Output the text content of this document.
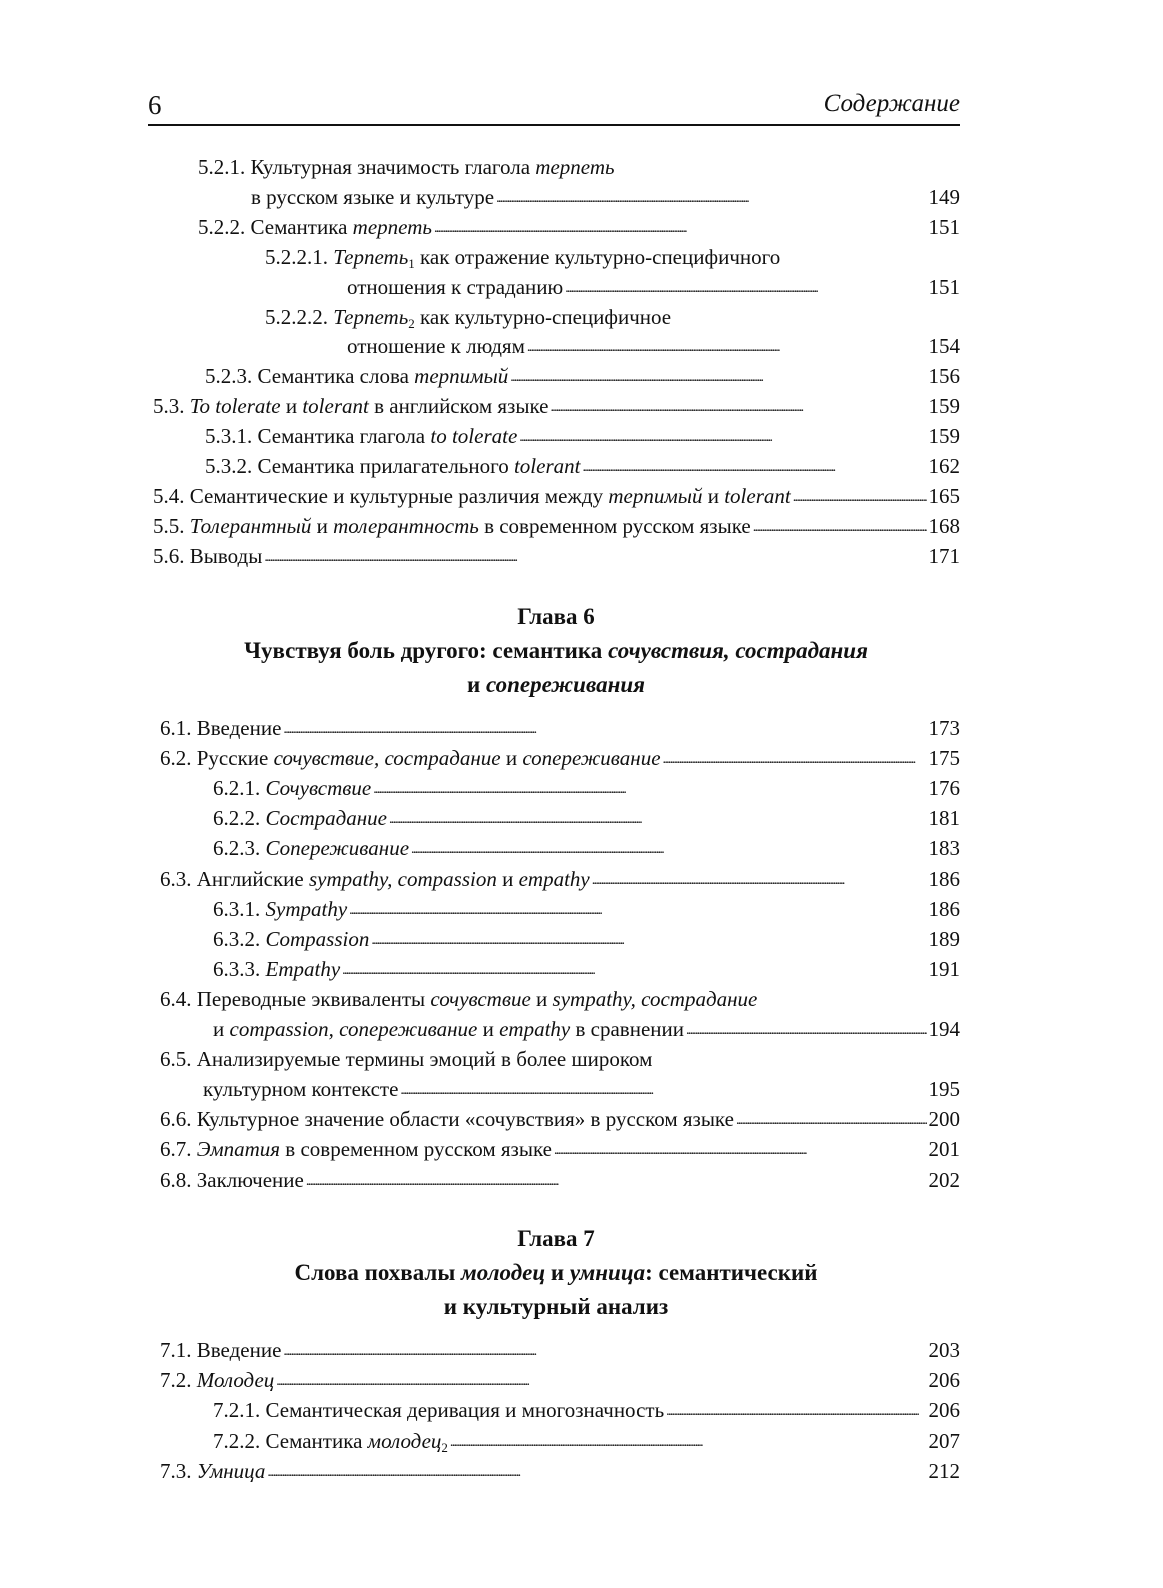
6	Содержание
5.2.1. Культурная значимость глагола терпеть
в русском языке и культуре . . .	149
5.2.2. Семантика терпеть . . .	151
5.2.2.1. Терпеть$_1$ как отражение культурно-специфичного
отношения к страданию . . .	151
5.2.2.2. Терпеть$_2$ как культурно-специфичное
отношение к людям . . .	154
5.2.3. Семантика слова терпимый . . .	156
5.3. To tolerate и tolerant в английском языке . . .	159
5.3.1. Семантика глагола to tolerate . . .	159
5.3.2. Семантика прилагательного tolerant . . .	162
5.4. Семантические и культурные различия между терпимый и tolerant . . .	165
5.5. Толерантный и толерантность в современном русском языке . . .	168
5.6. Выводы . . .	171
Глава 6
Чувствуя боль другого: семантика сочувствия, сострадания
и сопереживания
6.1. Введение . . .	173
6.2. Русские сочувствие, сострадание и сопереживание . . .	175
6.2.1. Сочувствие . . .	176
6.2.2. Сострадание . . .	181
6.2.3. Сопереживание . . .	183
6.3. Английские sympathy, compassion и empathy . . .	186
6.3.1. Sympathy . . .	186
6.3.2. Compassion . . .	189
6.3.3. Empathy . . .	191
6.4. Переводные эквиваленты сочувствие и sympathy, сострадание
и compassion, сопереживание и empathy в сравнении . . .	194
6.5. Анализируемые термины эмоций в более широком
культурном контексте . . .	195
6.6. Культурное значение области «сочувствия» в русском языке . . .	200
6.7. Эмпатия в современном русском языке . . .	201
6.8. Заключение . . .	202
Глава 7
Слова похвалы молодец и умница: семантический
и культурный анализ
7.1. Введение . . .	203
7.2. Молодец . . .	206
7.2.1. Семантическая деривация и многозначность . . .	206
7.2.2. Семантика молодец$_2$ . . .	207
7.3. Умница . . .	212
